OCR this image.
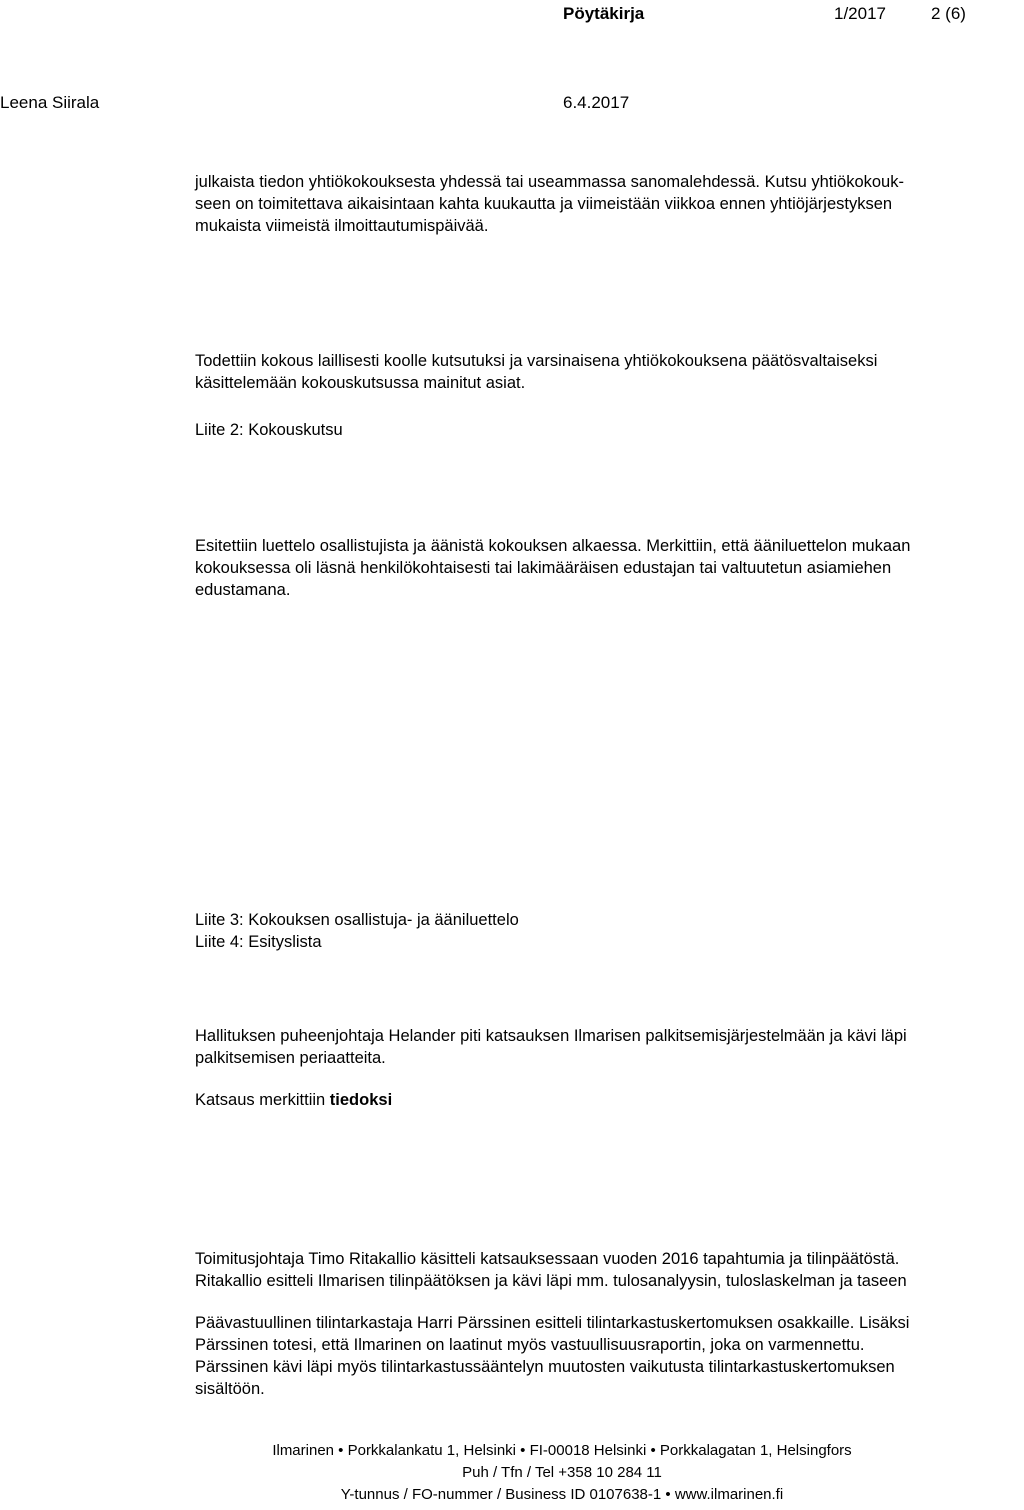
Pöytäkirja	1/2017	2 (6)
Leena Siirala	6.4.2017
julkaista tiedon yhtiökokouksesta yhdessä tai useammassa sanomalehdessä. Kutsu yhtiökokouk-
seen on toimitettava aikaisintaan kahta kuukautta ja viimeistään viikkoa ennen yhtiöjärjestyksen
mukaista viimeistä ilmoittautumispäivää.
Todettiin kokous laillisesti koolle kutsutuksi ja varsinaisena yhtiökokouksena päätösvaltaiseksi
käsittelemään kokouskutsussa mainitut asiat.
Liite 2: Kokouskutsu
Esitettiin luettelo osallistujista ja äänistä kokouksen alkaessa. Merkittiin, että ääniluettelon mukaan
kokouksessa oli läsnä henkilökohtaisesti tai lakimääräisen edustajan tai valtuutetun asiamiehen
edustamana.
Liite 3: Kokouksen osallistuja- ja ääniluettelo
Liite 4: Esityslista
Hallituksen puheenjohtaja Helander piti katsauksen Ilmarisen palkitsemisjärjestelmään ja kävi läpi
palkitsemisen periaatteita.
Katsaus merkittiin tiedoksi
Toimitusjohtaja Timo Ritakallio käsitteli katsauksessaan vuoden 2016 tapahtumia ja tilinpäätöstä.
Ritakallio esitteli Ilmarisen tilinpäätöksen ja kävi läpi mm. tulosanalyysin, tuloslaskelman ja taseen
Päävastuullinen tilintarkastaja Harri Pärssinen esitteli tilintarkastuskertomuksen osakkaille. Lisäksi
Pärssinen totesi, että Ilmarinen on laatinut myös vastuullisuusraportin, joka on varmennettu.
Pärssinen kävi läpi myös tilintarkastussääntelyn muutosten vaikutusta tilintarkastuskertomuksen
sisältöön.
Ilmarinen • Porkkalankatu 1, Helsinki • FI-00018 Helsinki • Porkkalagatan 1, Helsingfors
Puh / Tfn / Tel +358 10 284 11
Y-tunnus / FO-nummer / Business ID 0107638-1 • www.ilmarinen.fi
